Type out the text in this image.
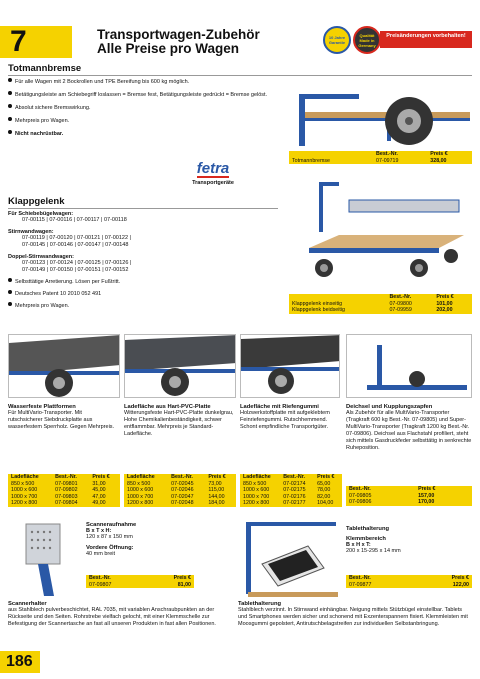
7	Transportwagen-Zubehör
Alle Preise pro Wagen
10 Jahre Garantie
Qualität Made in Germany
Preisänderungen vorbehalten!
Totmannbremse
Für alle Wagen mit 2 Bockrollen und TPE Bereifung bis 600 kg möglich.
Betätigungsleiste am Schiebegriff loslassen = Bremse fest, Betätigungsleiste gedrückt = Bremse gelöst.
Absolut sichere Bremswirkung.
Mehrpreis pro Wagen.
Nicht nachrüstbar.
	Best.-Nr.	Preis €
Totmannbremse	07-09719	328,00
fetra
Transportgeräte
Klappgelenk
Für Schiebebügelwagen:
07-00115 | 07-00116 | 07-00117 | 07-00118
Stirnwandwagen:
07-00119 | 07-00120 | 07-00121 | 07-00122 |
07-00145 | 07-00146 | 07-00147 | 07-00148
Doppel-Stirnwandwagen:
07-00123 | 07-00124 | 07-00125 | 07-00126 |
07-00149 | 07-00150 | 07-00151 | 07-00152
Selbsttätige Arretierung. Lösen per Fußtritt.
Deutsches Patent 10 2010 052 491
Mehrpreis pro Wagen.
	Best.-Nr.	Preis €
Klappgelenk einseitig	07-09800	101,00
Klappgelenk beidseitig	07-09959	202,00
Wasserfeste Plattformen
Für MultiVario-Transporter. Mit rutschsicherer Siebdruckplatte aus wasserfestem Sperrholz. Gegen Mehrpreis.
Ladefläche aus Hart-PVC-Platte
Witterungsfeste Hart-PVC-Platte dunkelgrau, Hohe Chemikalienbeständigkeit, schwer entflammbar. Mehrpreis je Standard-Ladefläche.
Ladefläche mit Riefengummi
Holzwerkstoffplatte mit aufgeklebtem Feinriefengummi. Rutschhemmend. Schont empfindliche Transportgüter.
Deichsel und Kupplungszapfen
Als Zubehör für alle MultiVario-Transporter (Tragkraft 600 kg Best.-Nr. 07-09805) und Super-MultiVario-Transporter (Tragkraft 1200 kg Best.-Nr. 07-09806). Deichsel aus Flachstahl profiliert, steht sich mittels Gasdruckfeder selbsttätig in senkrechte Ruheposition.
Ladefläche	Best.-Nr.	Preis €
850 x 500	07-09801	31,00
1000 x 600	07-09802	45,00
1000 x 700	07-09803	47,00
1200 x 800	07-09804	49,00
Ladefläche	Best.-Nr.	Preis €
850 x 500	07-02045	73,00
1000 x 600	07-02046	115,00
1000 x 700	07-02047	144,00
1200 x 800	07-02048	184,00
Ladefläche	Best.-Nr.	Preis €
850 x 500	07-02174	65,00
1000 x 600	07-02175	78,00
1000 x 700	07-02176	82,00
1200 x 800	07-02177	104,00
Best.-Nr.	Preis €
07-09805	157,00
07-09806	170,00
Scanneraufnahme
B x T x H:
120 x 87 x 150 mm
Vordere Öffnung:
40 mm breit
Best.-Nr.	Preis €
07-09807	81,00
Scannerhalter
aus Stahlblech pulverbeschichtet, RAL 7035, mit variablen Anschraubpunkten an der Rückseite und den Seiten. Rohrstrebe vielfach gelocht, mit einer Klemmschelle zur Befestigung der Scannertasche an fast all unseren Produkten in fast allen Positionen.
Tablethalterung
Klemmbereich
B x H x T:
200 x 15-295 x 14 mm
Best.-Nr.	Preis €
07-09877	122,00
Tablethalterung
Stahlblech verzinnt. In Stirnwand einhängbar. Neigung mittels Stützbügel einstellbar. Tablets und Smartphones werden sicher und schonend mit Exzenterspannern fixiert. Klemmleisten mit Moosgummi gepolstert, Antirutschbelagstreifen zur individuellen Selbstanbringung.
186
